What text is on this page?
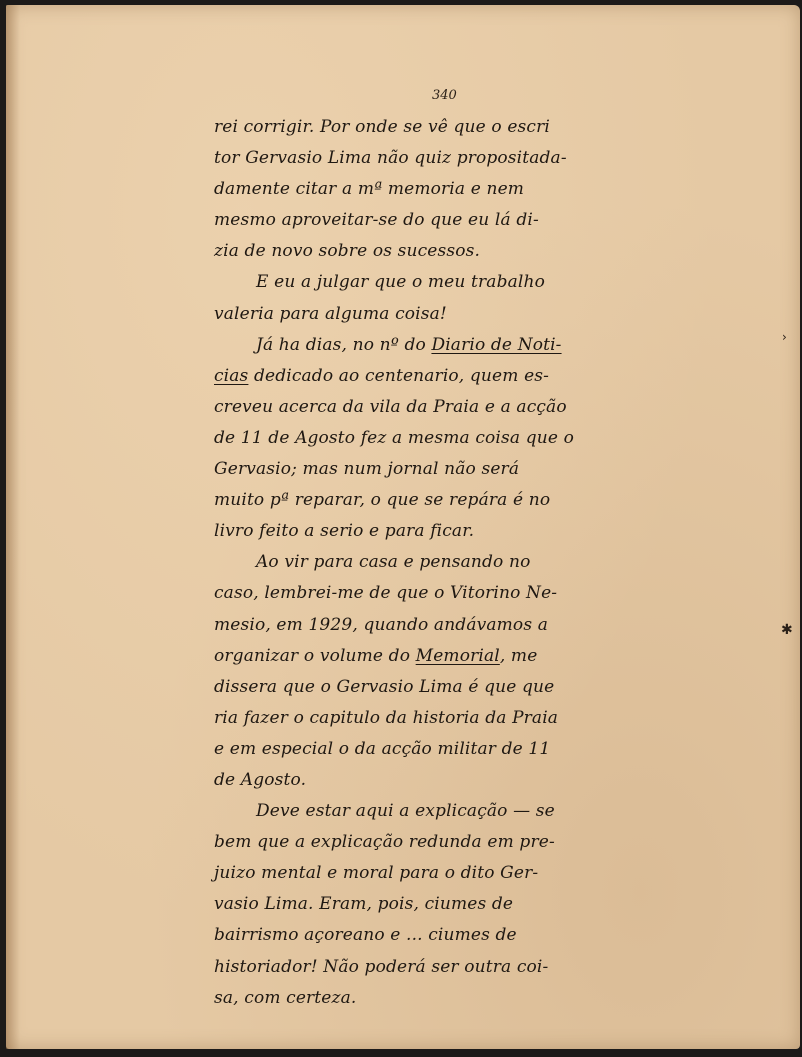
340
rei corrigir. Por onde se vê que o escri
tor Gervasio Lima não quiz propositada-
damente citar a mª memoria e nem
mesmo aproveitar-se do que eu lá di-
zia de novo sobre os sucessos.
E eu a julgar que o meu trabalho
valeria para alguma coisa!
Já ha dias, no nº do Diario de Noti-
cias dedicado ao centenario, quem es-
creveu acerca da vila da Praia e a acção
de 11 de Agosto fez a mesma coisa que o
Gervasio; mas num jornal não será
muito pª reparar, o que se repára é no
livro feito a serio e para ficar.
Ao vir para casa e pensando no
caso, lembrei-me de que o Vitorino Ne-
mesio, em 1929, quando andávamos a
organizar o volume do Memorial, me
dissera que o Gervasio Lima é que que
ria fazer o capitulo da historia da Praia
e em especial o da acção militar de 11
de Agosto.
Deve estar aqui a explicação — se
bem que a explicação redunda em pre-
juizo mental e moral para o dito Ger-
vasio Lima. Eram, pois, ciumes de
bairrismo açoreano e ... ciumes de
historiador! Não poderá ser outra coi-
sa, com certeza.
›
✱
